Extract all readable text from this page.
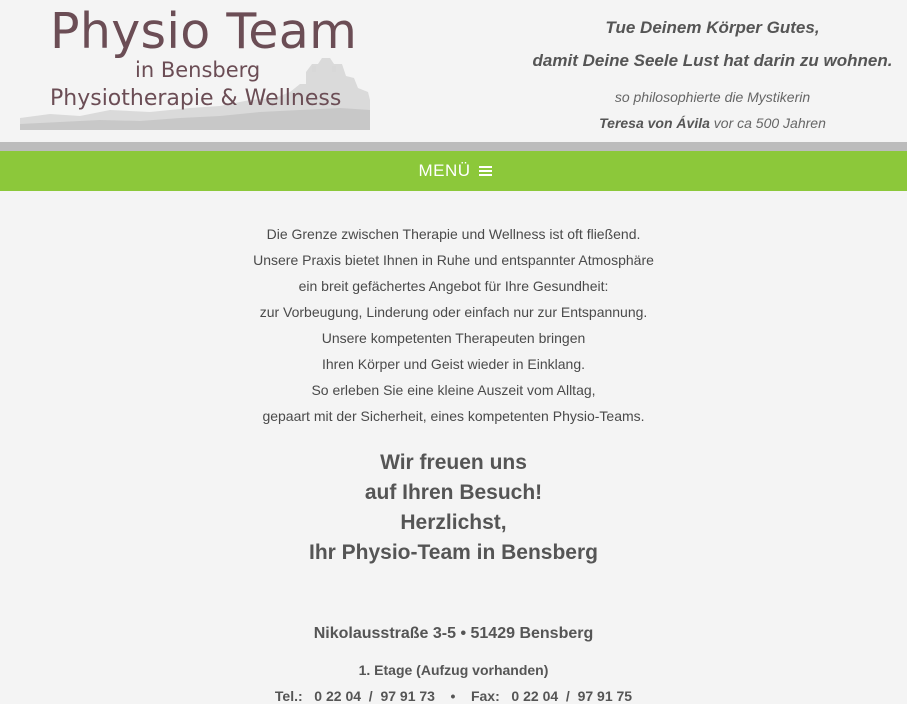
Physio Team
in Bensberg
Physiotherapie & Wellness
Tue Deinem Körper Gutes,
damit Deine Seele Lust hat darin zu wohnen.
so philosophierte die Mystikerin
Teresa von Ávila vor ca 500 Jahren
MENÜ
Die Grenze zwischen Therapie und Wellness ist oft fließend.
Unsere Praxis bietet Ihnen in Ruhe und entspannter Atmosphäre
ein breit gefächertes Angebot für Ihre Gesundheit:
zur Vorbeugung, Linderung oder einfach nur zur Entspannung.
Unsere kompetenten Therapeuten bringen
Ihren Körper und Geist wieder in Einklang.
So erleben Sie eine kleine Auszeit vom Alltag,
gepaart mit der Sicherheit, eines kompetenten Physio-Teams.
Wir freuen uns
auf Ihren Besuch!
Herzlichst,
Ihr Physio-Team in Bensberg
Nikolausstraße 3-5 • 51429 Bensberg
1. Etage (Aufzug vorhanden)
Tel.:   0 22 04  /  97 91 73    •    Fax:   0 22 04  /  97 91 75
